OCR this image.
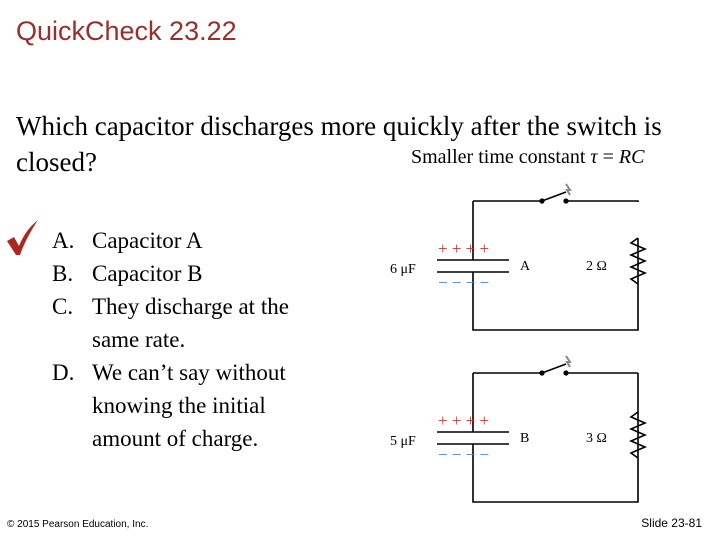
QuickCheck 23.22
Which capacitor discharges more quickly after the switch is closed?	Smaller time constant τ = RC
A. Capacitor A
B. Capacitor B
C. They discharge at the same rate.
D. We can’t say without knowing the initial amount of charge.
+ + + +
− − − −
6 μF	A	2 Ω
+ + + +
− − − −
5 μF	B	3 Ω
© 2015 Pearson Education, Inc.	Slide 23-81
